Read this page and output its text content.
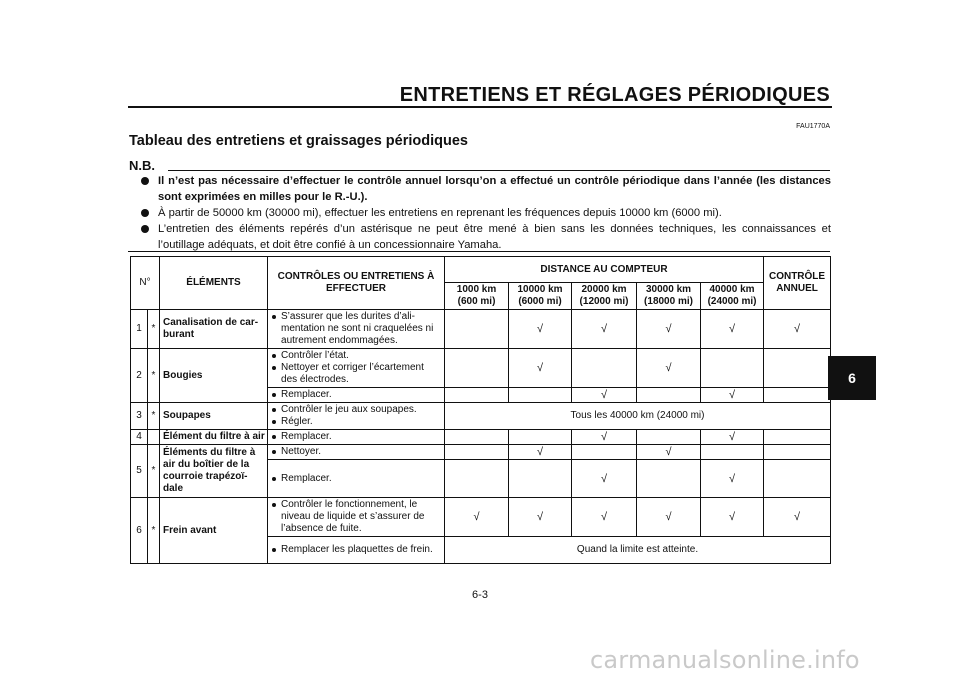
ENTRETIENS ET RÉGLAGES PÉRIODIQUES
FAU1770A
Tableau des entretiens et graissages périodiques
N.B.
Il n’est pas nécessaire d’effectuer le contrôle annuel lorsqu’on a effectué un contrôle périodique dans l’année (les distances sont exprimées en milles pour le R.-U.).
À partir de 50000 km (30000 mi), effectuer les entretiens en reprenant les fréquences depuis 10000 km (6000 mi).
L’entretien des éléments repérés d’un astérisque ne peut être mené à bien sans les données techniques, les connaissances et l’outillage adéquats, et doit être confié à un concessionnaire Yamaha.
N°		ÉLÉMENTS	CONTRÔLES OU ENTRETIENS À EFFECTUER	DISTANCE AU COMPTEUR					CONTRÔLE ANNUEL
				1000 km (600 mi)	10000 km (6000 mi)	20000 km (12000 mi)	30000 km (18000 mi)	40000 km (24000 mi)	
1	*	Canalisation de car-burant	S’assurer que les durites d’ali-mentation ne sont ni craquelées ni autrement endommagées.		√	√	√	√	√
2	*	Bougies	Contrôler l’état.
Nettoyer et corriger l’écartement des électrodes.		√		√		

Remplacer.			√		√	
3	*	Soupapes	Contrôler le jeu aux soupapes.
Régler.	Tous les 40000 km (24000 mi)					
4		Élément du filtre à air	Remplacer.			√		√	
5	*	Éléments du filtre à air du boîtier de la courroie trapézoï-dale	Nettoyer.		√		√		

Remplacer.			√		√	
6	*	Frein avant	Contrôler le fonctionnement, le niveau de liquide et s’assurer de l’absence de fuite.	√	√	√	√	√	√

Remplacer les plaquettes de frein.	Quand la limite est atteinte.					
6-3
6
carmanualsonline.info
